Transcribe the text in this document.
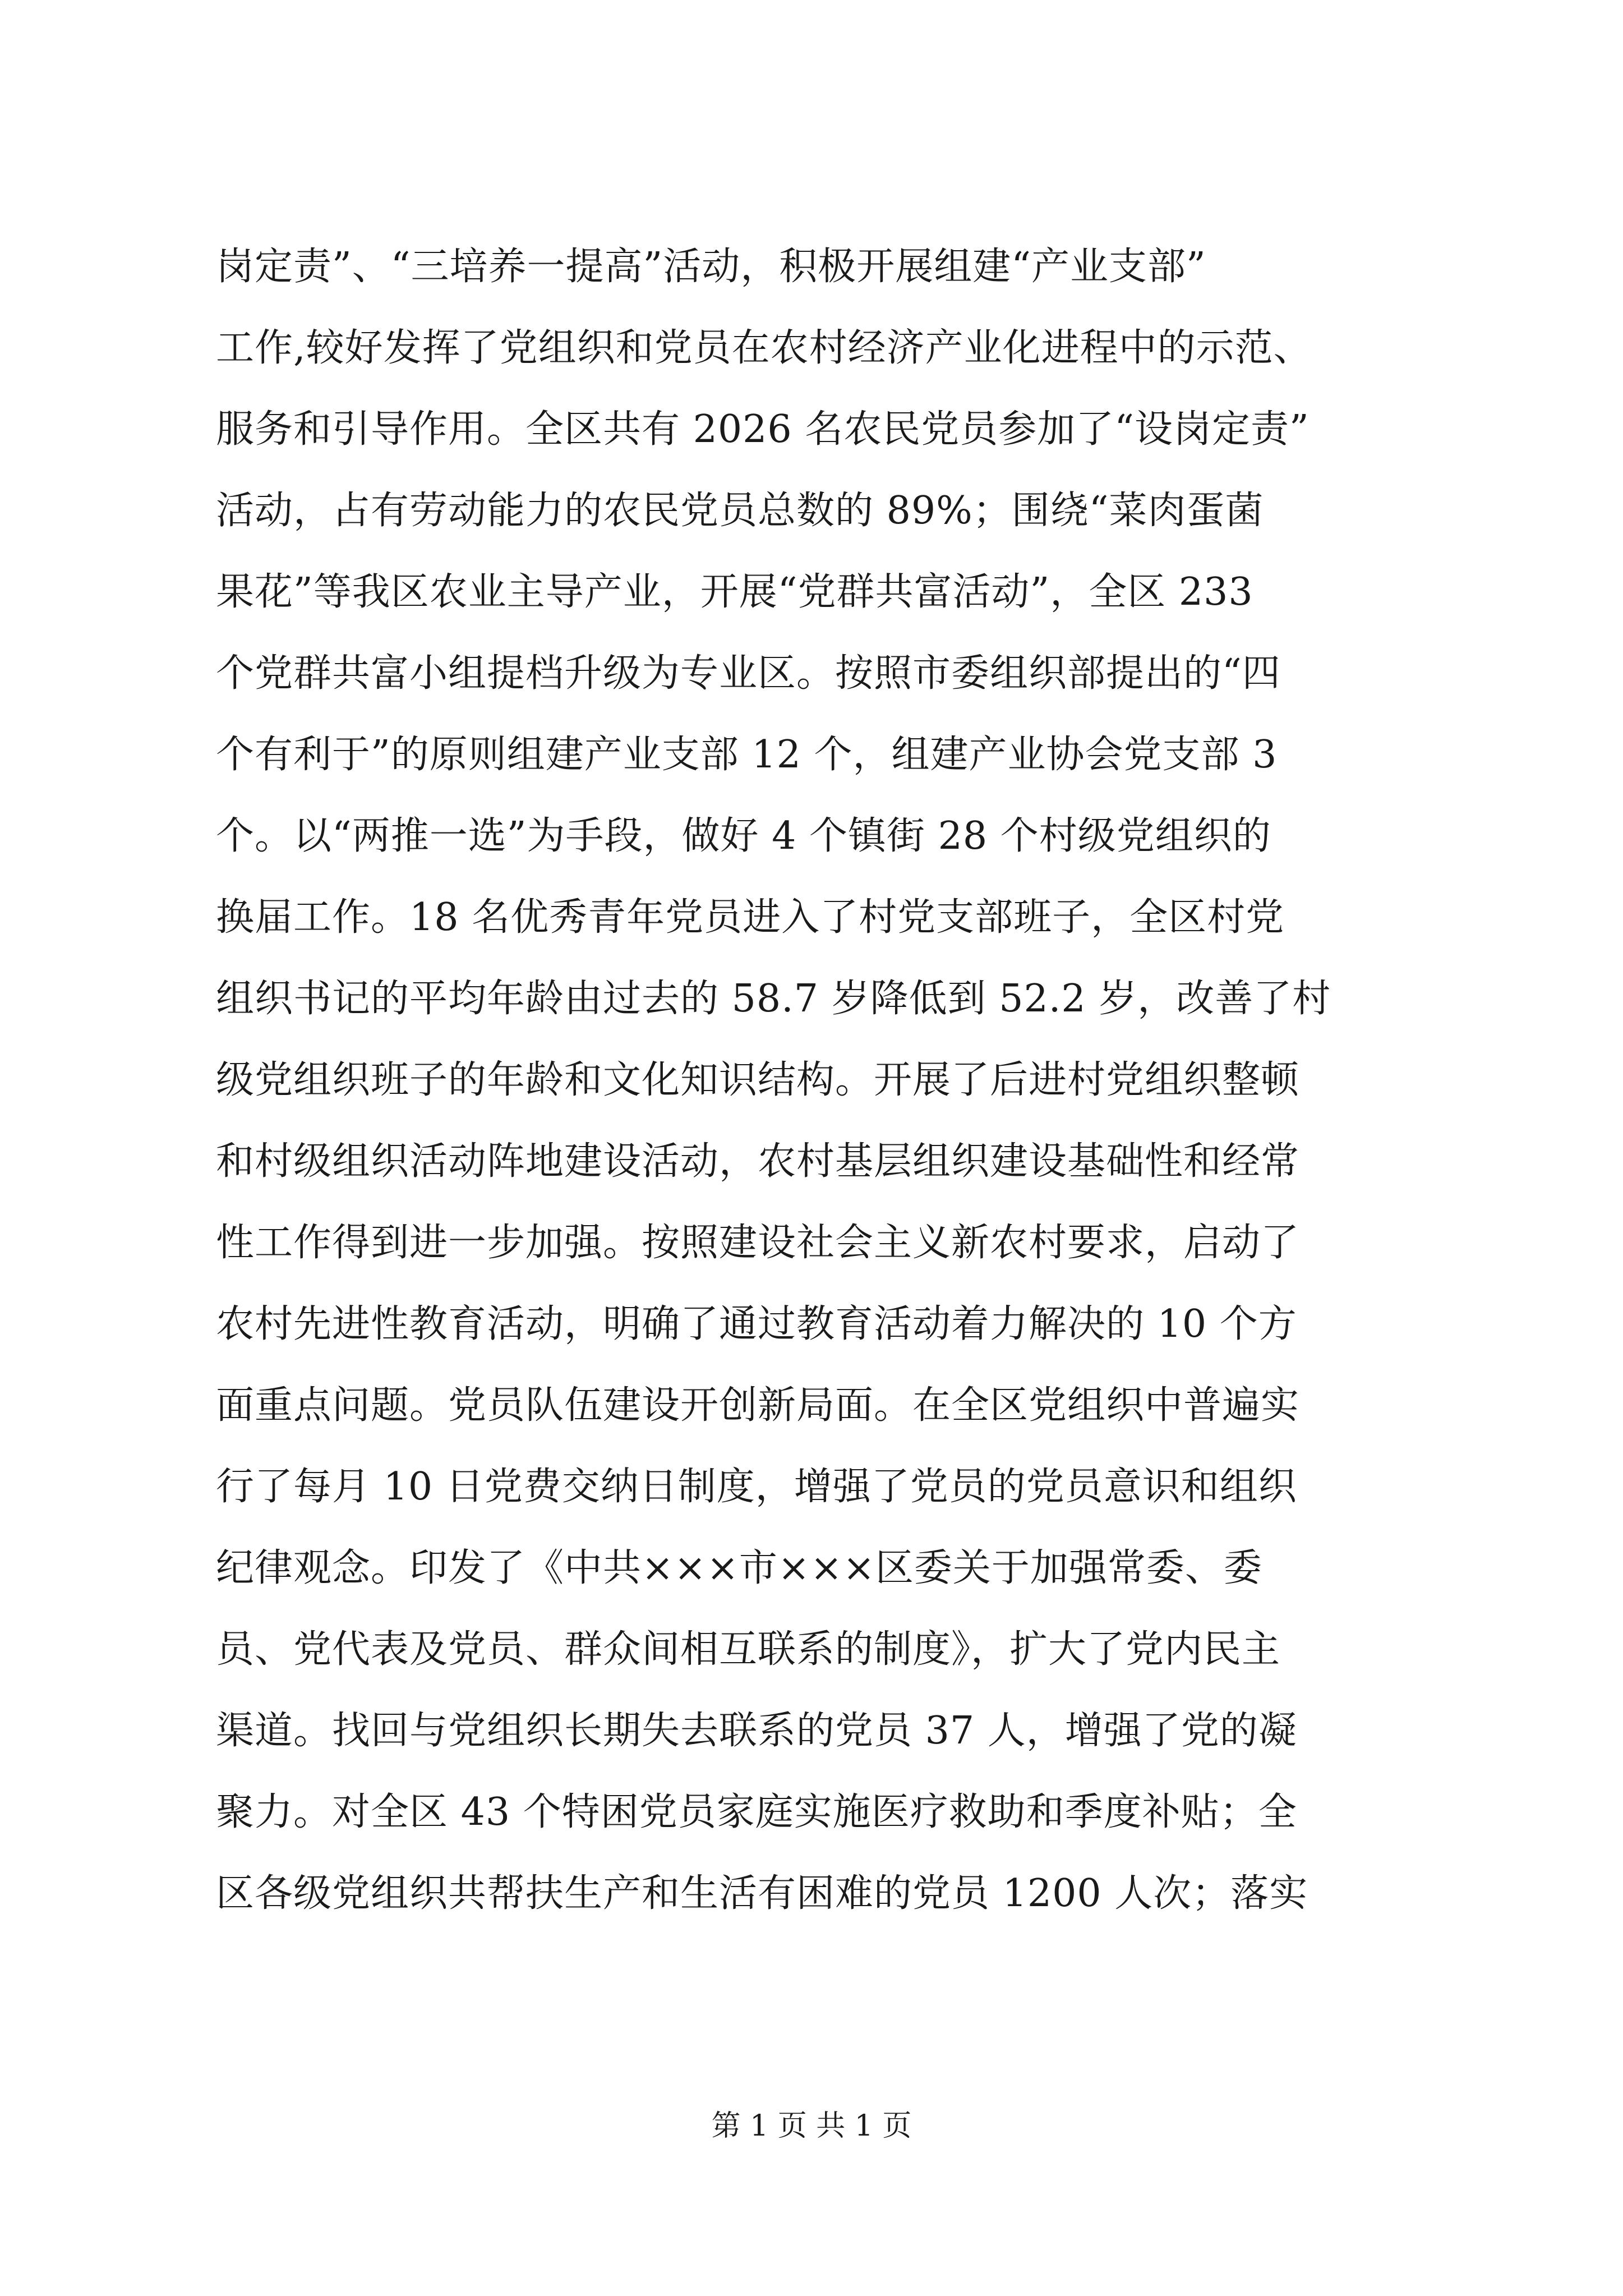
岗定责”、“三培养一提高”活动，积极开展组建“产业支部”
工作,较好发挥了党组织和党员在农村经济产业化进程中的示范、
服务和引导作用。全区共有 2026 名农民党员参加了“设岗定责”
活动，占有劳动能力的农民党员总数的 89%；围绕“菜肉蛋菌
果花”等我区农业主导产业，开展“党群共富活动”，全区 233
个党群共富小组提档升级为专业区。按照市委组织部提出的“四
个有利于”的原则组建产业支部 12 个，组建产业协会党支部 3
个。以“两推一选”为手段，做好 4 个镇街 28 个村级党组织的
换届工作。18 名优秀青年党员进入了村党支部班子，全区村党
组织书记的平均年龄由过去的 58.7 岁降低到 52.2 岁，改善了村
级党组织班子的年龄和文化知识结构。开展了后进村党组织整顿
和村级组织活动阵地建设活动，农村基层组织建设基础性和经常
性工作得到进一步加强。按照建设社会主义新农村要求，启动了
农村先进性教育活动，明确了通过教育活动着力解决的 10 个方
面重点问题。党员队伍建设开创新局面。在全区党组织中普遍实
行了每月 10 日党费交纳日制度，增强了党员的党员意识和组织
纪律观念。印发了《中共×××市×××区委关于加强常委、委
员、党代表及党员、群众间相互联系的制度》，扩大了党内民主
渠道。找回与党组织长期失去联系的党员 37 人，增强了党的凝
聚力。对全区 43 个特困党员家庭实施医疗救助和季度补贴；全
区各级党组织共帮扶生产和生活有困难的党员 1200 人次；落实
第 1 页 共 1 页
